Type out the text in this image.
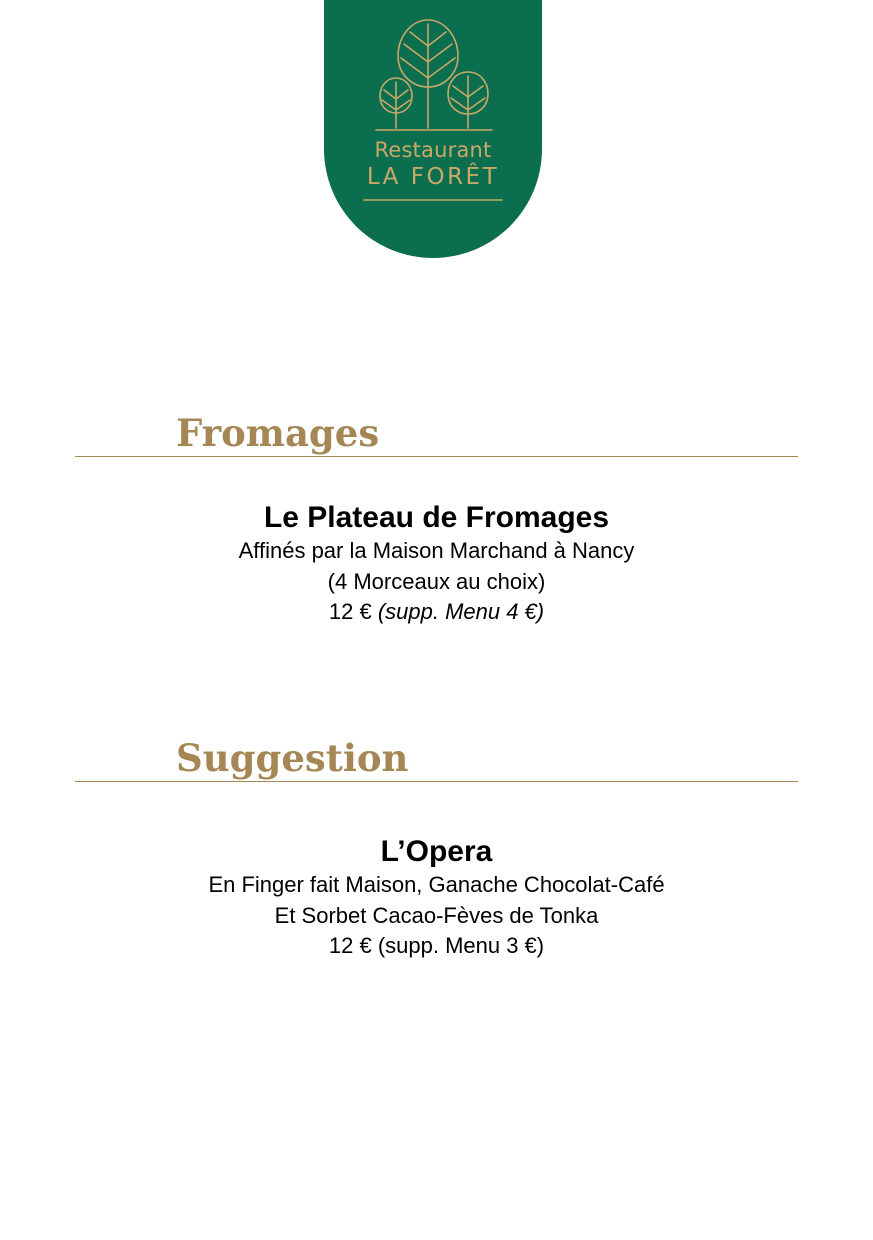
Restaurant
LA FORÊT
Fromages
Le Plateau de Fromages
Affinés par la Maison Marchand à Nancy
(4 Morceaux au choix)
12 € (supp. Menu 4 €)
Suggestion
L’Opera
En Finger fait Maison, Ganache Chocolat-Café
Et Sorbet Cacao-Fèves de Tonka
12 € (supp. Menu 3 €)
